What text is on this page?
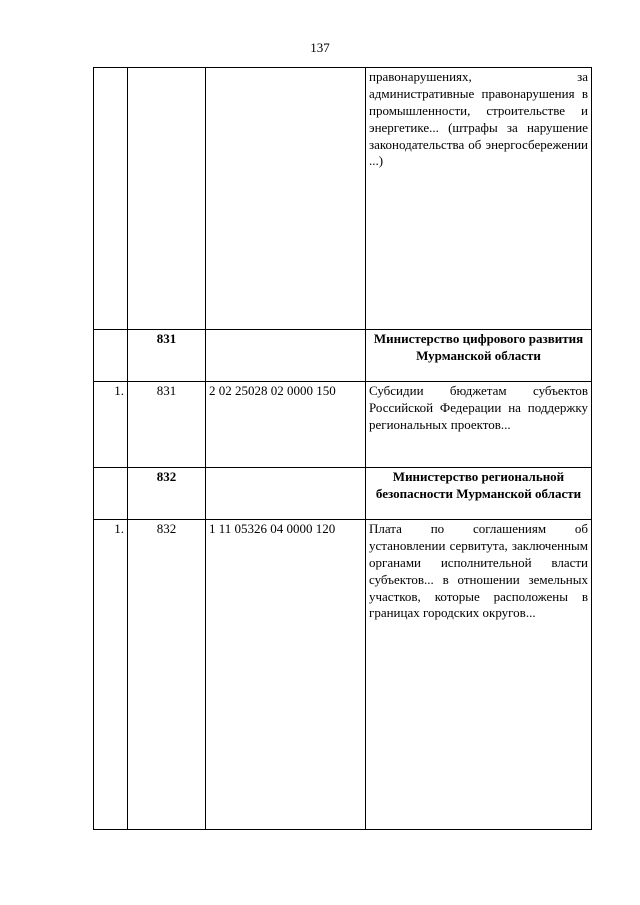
137
			правонарушениях, за административные правонарушения в промышленности, строительстве и энергетике... (штрафы за нарушение законодательства об энергосбережении ...)
	831		Министерство цифрового развития Мурманской области
1.	831	2 02 25028 02 0000 150	Субсидии бюджетам субъектов Российской Федерации на поддержку региональных проектов...
	832		Министерство региональной безопасности Мурманской области
1.	832	1 11 05326 04 0000 120	Плата по соглашениям об установлении сервитута, заключенным органами исполнительной власти субъектов... в отношении земельных участков, которые расположены в границах городских округов...
